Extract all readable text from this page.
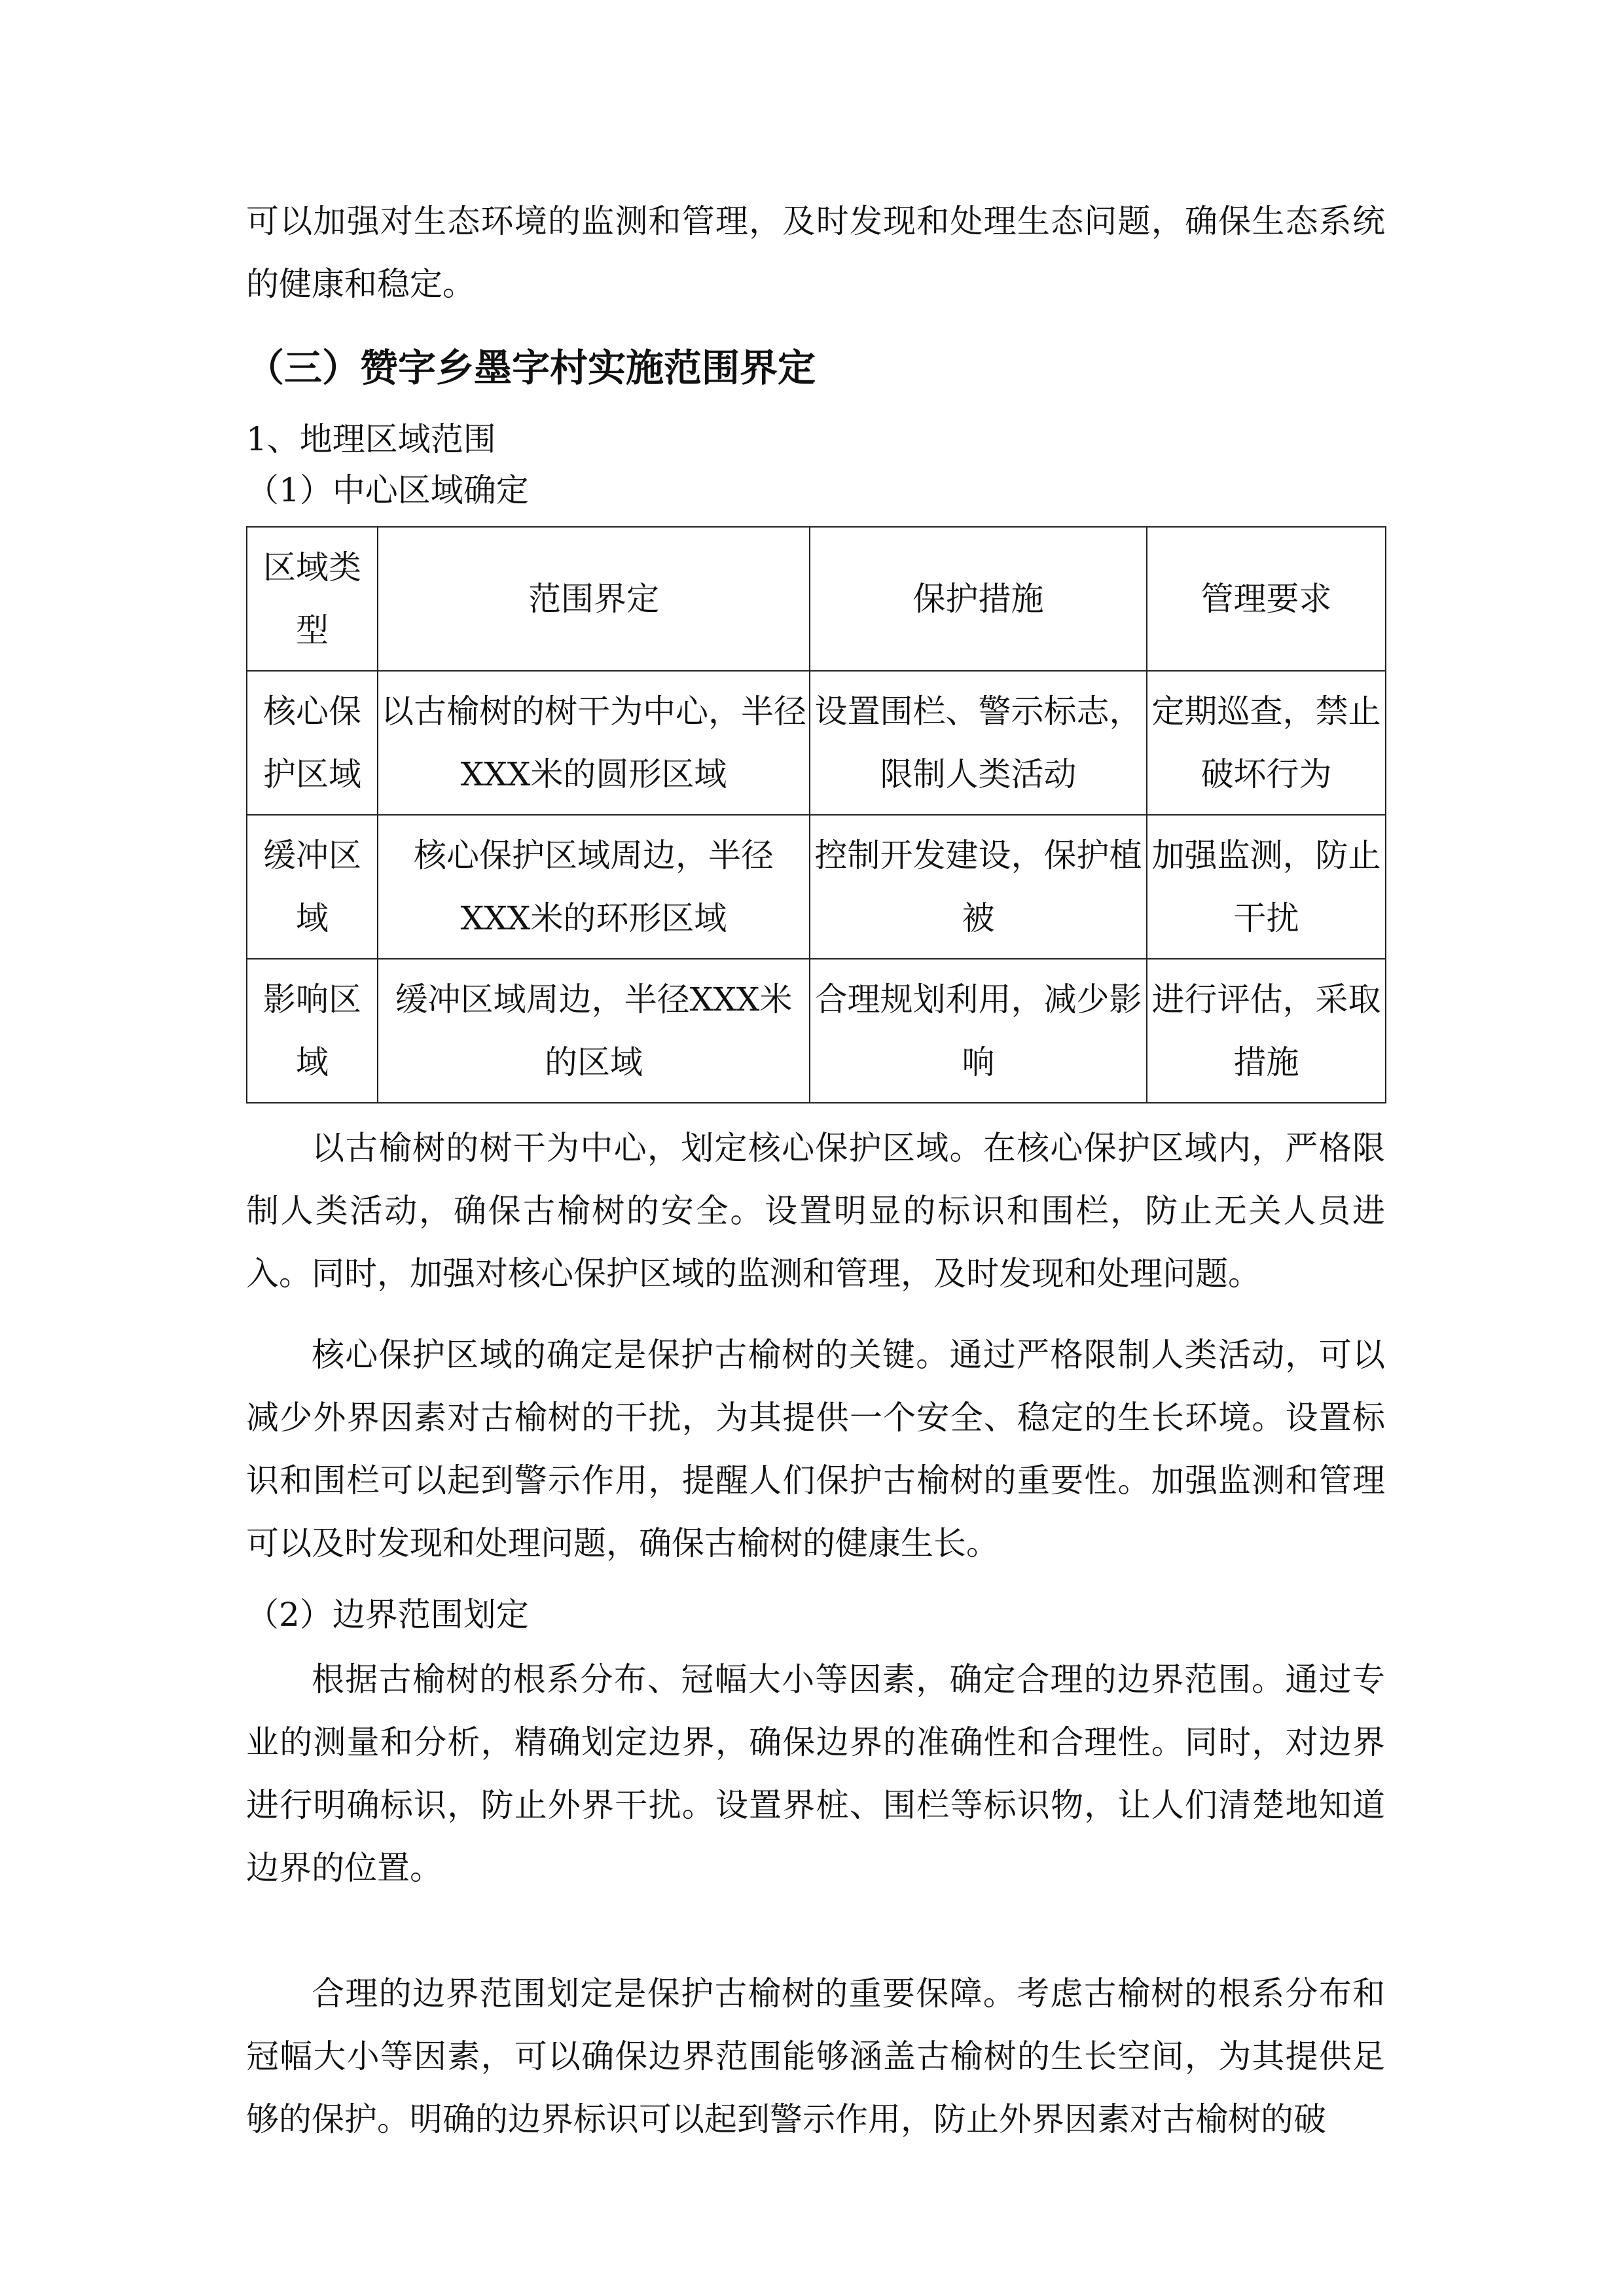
可以加强对生态环境的监测和管理，及时发现和处理生态问题，确保生态系统的健康和稳定。

（三）赞字乡墨字村实施范围界定
1、地理区域范围
（1）中心区域确定
区域类型	范围界定	保护措施	管理要求
核心保护区域	以古榆树的树干为中心，半径XXX米的圆形区域	设置围栏、警示标志，限制人类活动	定期巡查，禁止破坏行为
缓冲区域	核心保护区域周边，半径XXX米的环形区域	控制开发建设，保护植被	加强监测，防止干扰
影响区域	缓冲区域周边，半径XXX米的区域	合理规划利用，减少影响	进行评估，采取措施

以古榆树的树干为中心，划定核心保护区域。在核心保护区域内，严格限制人类活动，确保古榆树的安全。设置明显的标识和围栏，防止无关人员进入。同时，加强对核心保护区域的监测和管理，及时发现和处理问题。

核心保护区域的确定是保护古榆树的关键。通过严格限制人类活动，可以减少外界因素对古榆树的干扰，为其提供一个安全、稳定的生长环境。设置标识和围栏可以起到警示作用，提醒人们保护古榆树的重要性。加强监测和管理可以及时发现和处理问题，确保古榆树的健康生长。

（2）边界范围划定

根据古榆树的根系分布、冠幅大小等因素，确定合理的边界范围。通过专业的测量和分析，精确划定边界，确保边界的准确性和合理性。同时，对边界进行明确标识，防止外界干扰。设置界桩、围栏等标识物，让人们清楚地知道边界的位置。

合理的边界范围划定是保护古榆树的重要保障。考虑古榆树的根系分布和冠幅大小等因素，可以确保边界范围能够涵盖古榆树的生长空间，为其提供足够的保护。明确的边界标识可以起到警示作用，防止外界因素对古榆树的破
